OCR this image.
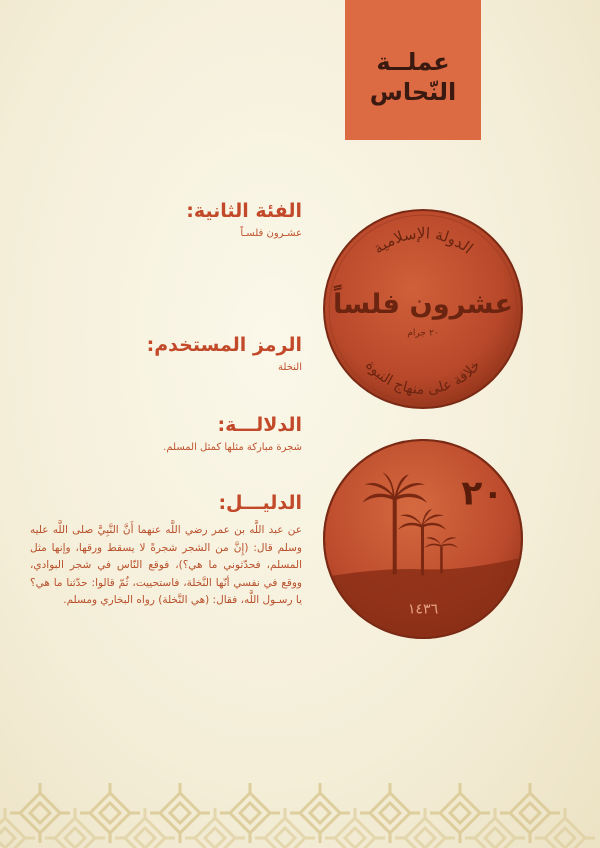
عملــة
النّحاس
الفئة الثانية:
عشـرون فلسـاً
الرمز المستخدم:
النخلة
الدلالـــة:
شجرة مباركة مثلها كمثل المسلم.
الدليـــل:
عن عبد اللَّه بن عمر رضي اللَّه عنهما أَنَّ النَّبِيَّ صلى اللَّه عليه وسلم قال: (إِنَّ من الشجر شجرةً لا يسقط ورقها، وإنها مثل المسلم، فحدّثوني ما هي؟)، فوقع النّاس في شجر البوادي، ووقع في نفسي أنّها النَّخلة، فاستحييت، ثُمّ قالوا: حدّثنا ما هي؟ يا رسـول اللَّه، فقال: (هي النَّخلة) رواه البخاري ومسلم.
الدولة الإسلامية
عشرون فلساً
٢٠ جرام
خلافة على منهاج النبوة
٢٠
١٤٣٦
